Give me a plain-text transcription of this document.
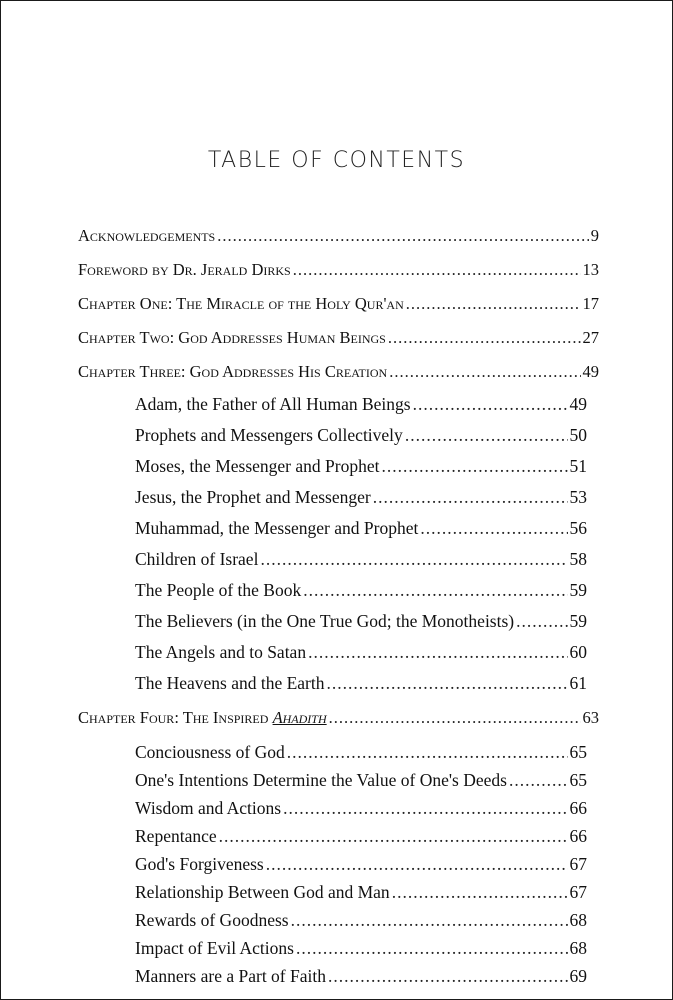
TABLE OF CONTENTS
Acknowledgements .....	9
Foreword by Dr. Jerald Dirks .....	13
Chapter One: The Miracle of the Holy Qur'an .....	17
Chapter Two: God Addresses Human Beings .....	27
Chapter Three: God Addresses His Creation .....	49
Adam, the Father of All Human Beings .....	49
Prophets and Messengers Collectively .....	50
Moses, the Messenger and Prophet .....	51
Jesus, the Prophet and Messenger .....	53
Muhammad, the Messenger and Prophet .....	56
Children of Israel .....	58
The People of the Book .....	59
The Believers (in the One True God; the Monotheists) .....	59
The Angels and to Satan .....	60
The Heavens and the Earth .....	61
Chapter Four: The Inspired Ahadith .....	63
Conciousness of God .....	65
One's Intentions Determine the Value of One's Deeds .....	65
Wisdom and Actions .....	66
Repentance .....	66
God's Forgiveness .....	67
Relationship Between God and Man .....	67
Rewards of Goodness .....	68
Impact of Evil Actions .....	68
Manners are a Part of Faith .....	69
